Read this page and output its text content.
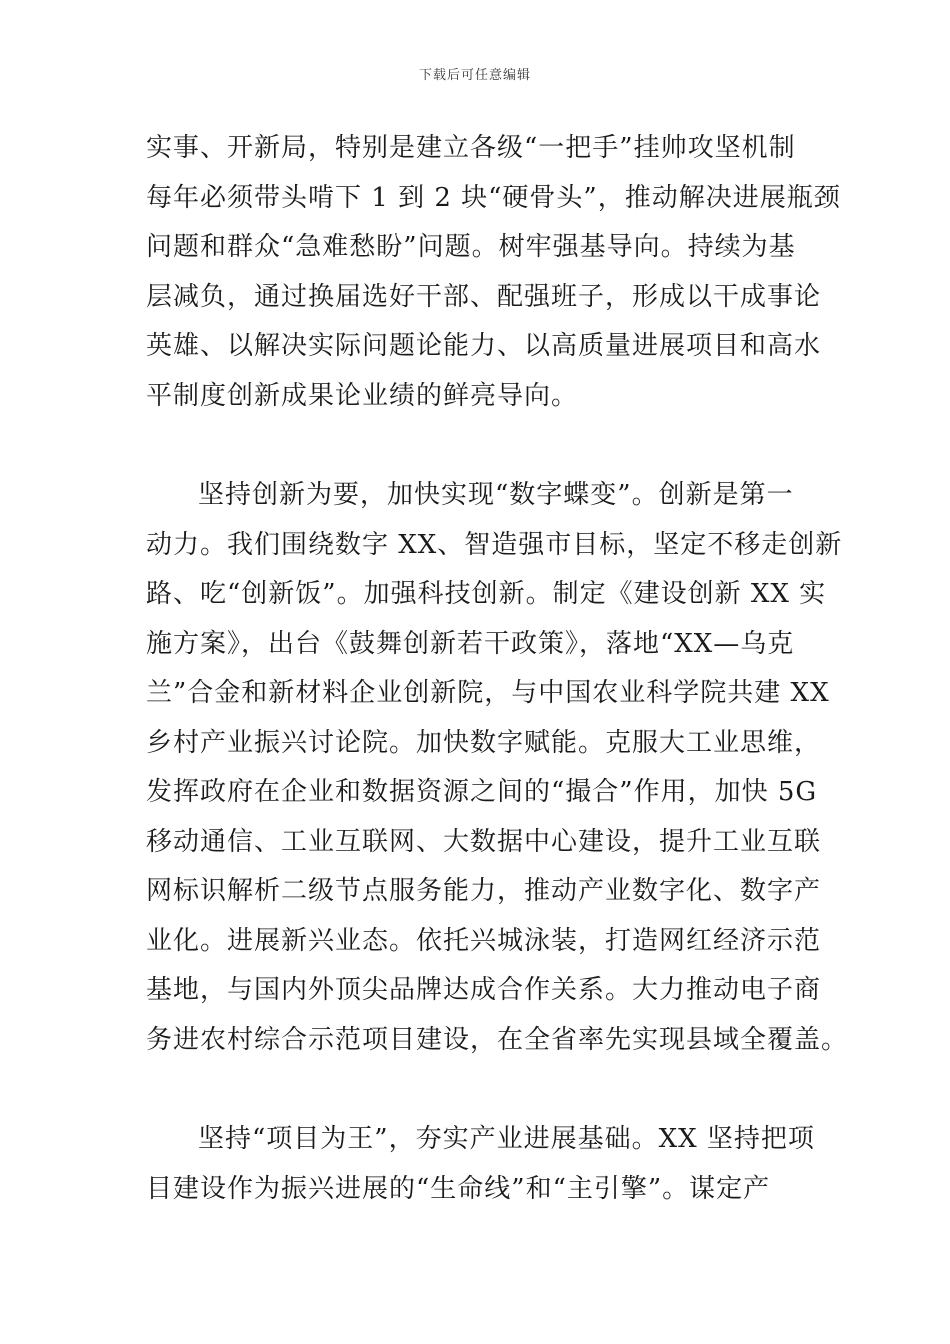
下载后可任意编辑
实事、开新局，特别是建立各级“一把手”挂帅攻坚机制
每年必须带头啃下 1 到 2 块“硬骨头”，推动解决进展瓶颈
问题和群众“急难愁盼”问题。树牢强基导向。持续为基
层减负，通过换届选好干部、配强班子，形成以干成事论
英雄、以解决实际问题论能力、以高质量进展项目和高水
平制度创新成果论业绩的鲜亮导向。
坚持创新为要，加快实现“数字蝶变”。创新是第一
动力。我们围绕数字 XX、智造强市目标，坚定不移走创新
路、吃“创新饭”。加强科技创新。制定《建设创新 XX 实
施方案》，出台《鼓舞创新若干政策》，落地“XX—乌克
兰”合金和新材料企业创新院，与中国农业科学院共建 XX
乡村产业振兴讨论院。加快数字赋能。克服大工业思维，
发挥政府在企业和数据资源之间的“撮合”作用，加快 5G
移动通信、工业互联网、大数据中心建设，提升工业互联
网标识解析二级节点服务能力，推动产业数字化、数字产
业化。进展新兴业态。依托兴城泳装，打造网红经济示范
基地，与国内外顶尖品牌达成合作关系。大力推动电子商
务进农村综合示范项目建设，在全省率先实现县域全覆盖。
坚持“项目为王”，夯实产业进展基础。XX 坚持把项
目建设作为振兴进展的“生命线”和“主引擎”。谋定产
